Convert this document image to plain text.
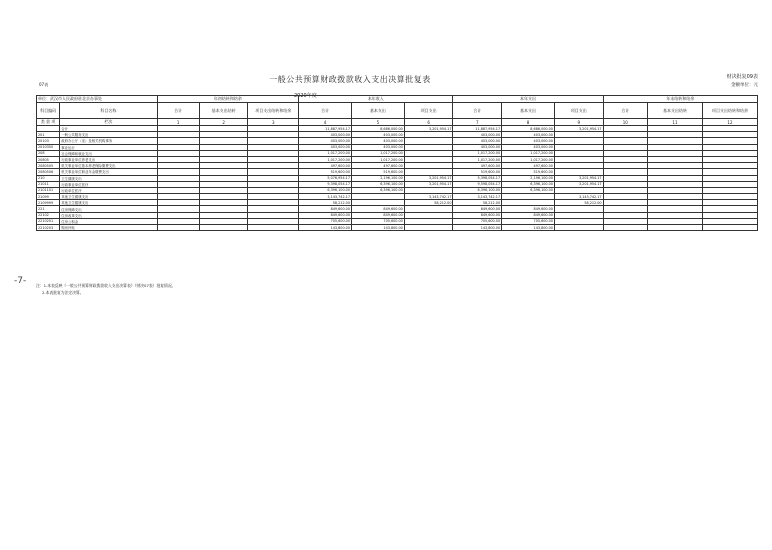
07表
一般公共预算财政拨款收入支出决算批复表	财决批复09表
金额单位：元
2020年度
-7-
单位：武汉市人民政府驻北京办事处		年初结转和结余			本年收入			本年支出			年末结转和结余		
科目编码	科目名称	合计	基本支出结转	项目支出结转和结余	合计	基本支出	项目支出	合计	基本支出	项目支出	合计	基本支出结转	项目支出结转和结余
类 款 项	栏次	1	2	3	4	5	6	7	8	9	10	11	12
	合计				11,887,954.17	8,686,000.00	3,201,954.17	11,887,954.17	8,686,000.00	3,201,954.17			
201	一般公共服务支出				403,000.00	403,000.00		403,000.00	403,000.00				
20103	政府办公厅（室）及相关机构事务				403,000.00	403,000.00		403,000.00	403,000.00				
2010350	事业运行				403,000.00	403,000.00		403,000.00	403,000.00				
208	社会保障和就业支出				1,017,200.00	1,017,200.00		1,017,200.00	1,017,200.00				
20805	行政事业单位养老支出				1,017,200.00	1,017,200.00		1,017,200.00	1,017,200.00				
2080505	机关事业单位基本养老保险缴费支出				497,600.00	497,600.00		497,600.00	497,600.00				
2080506	机关事业单位职业年金缴费支出				519,600.00	519,600.00		519,600.00	519,600.00				
210	卫生健康支出				5,076,954.17	2,196,100.00	3,201,954.17	5,398,054.17	2,196,100.00	3,201,954.17			
21011	行政事业单位医疗				9,398,054.17	6,396,100.00	3,201,954.17	9,598,054.17	6,396,100.00	3,201,954.17			
2101101	行政单位医疗				6,396,100.00	6,396,100.00		6,396,100.00	6,396,100.00				
21099	其他卫生健康支出				3,143,742.17		3,143,742.17	3,143,742.17		3,143,742.17			
2109999	其他卫生健康支出				58,212.00		58,212.00	58,212.00		58,212.00			
221	住房保障支出				849,600.00	849,600.00		849,600.00	849,600.00				
22102	住房改革支出				849,600.00	849,600.00		849,600.00	849,600.00				
2210201	住房公积金				705,600.00	705,600.00		705,600.00	705,600.00				
2210203	购房补贴				143,800.00	143,800.00		143,800.00	143,800.00				
注：1.本表反映《一般公共预算财政拨款收入支出决算表》（财决07表）批复情况。
2.本表批复为法定决算。
